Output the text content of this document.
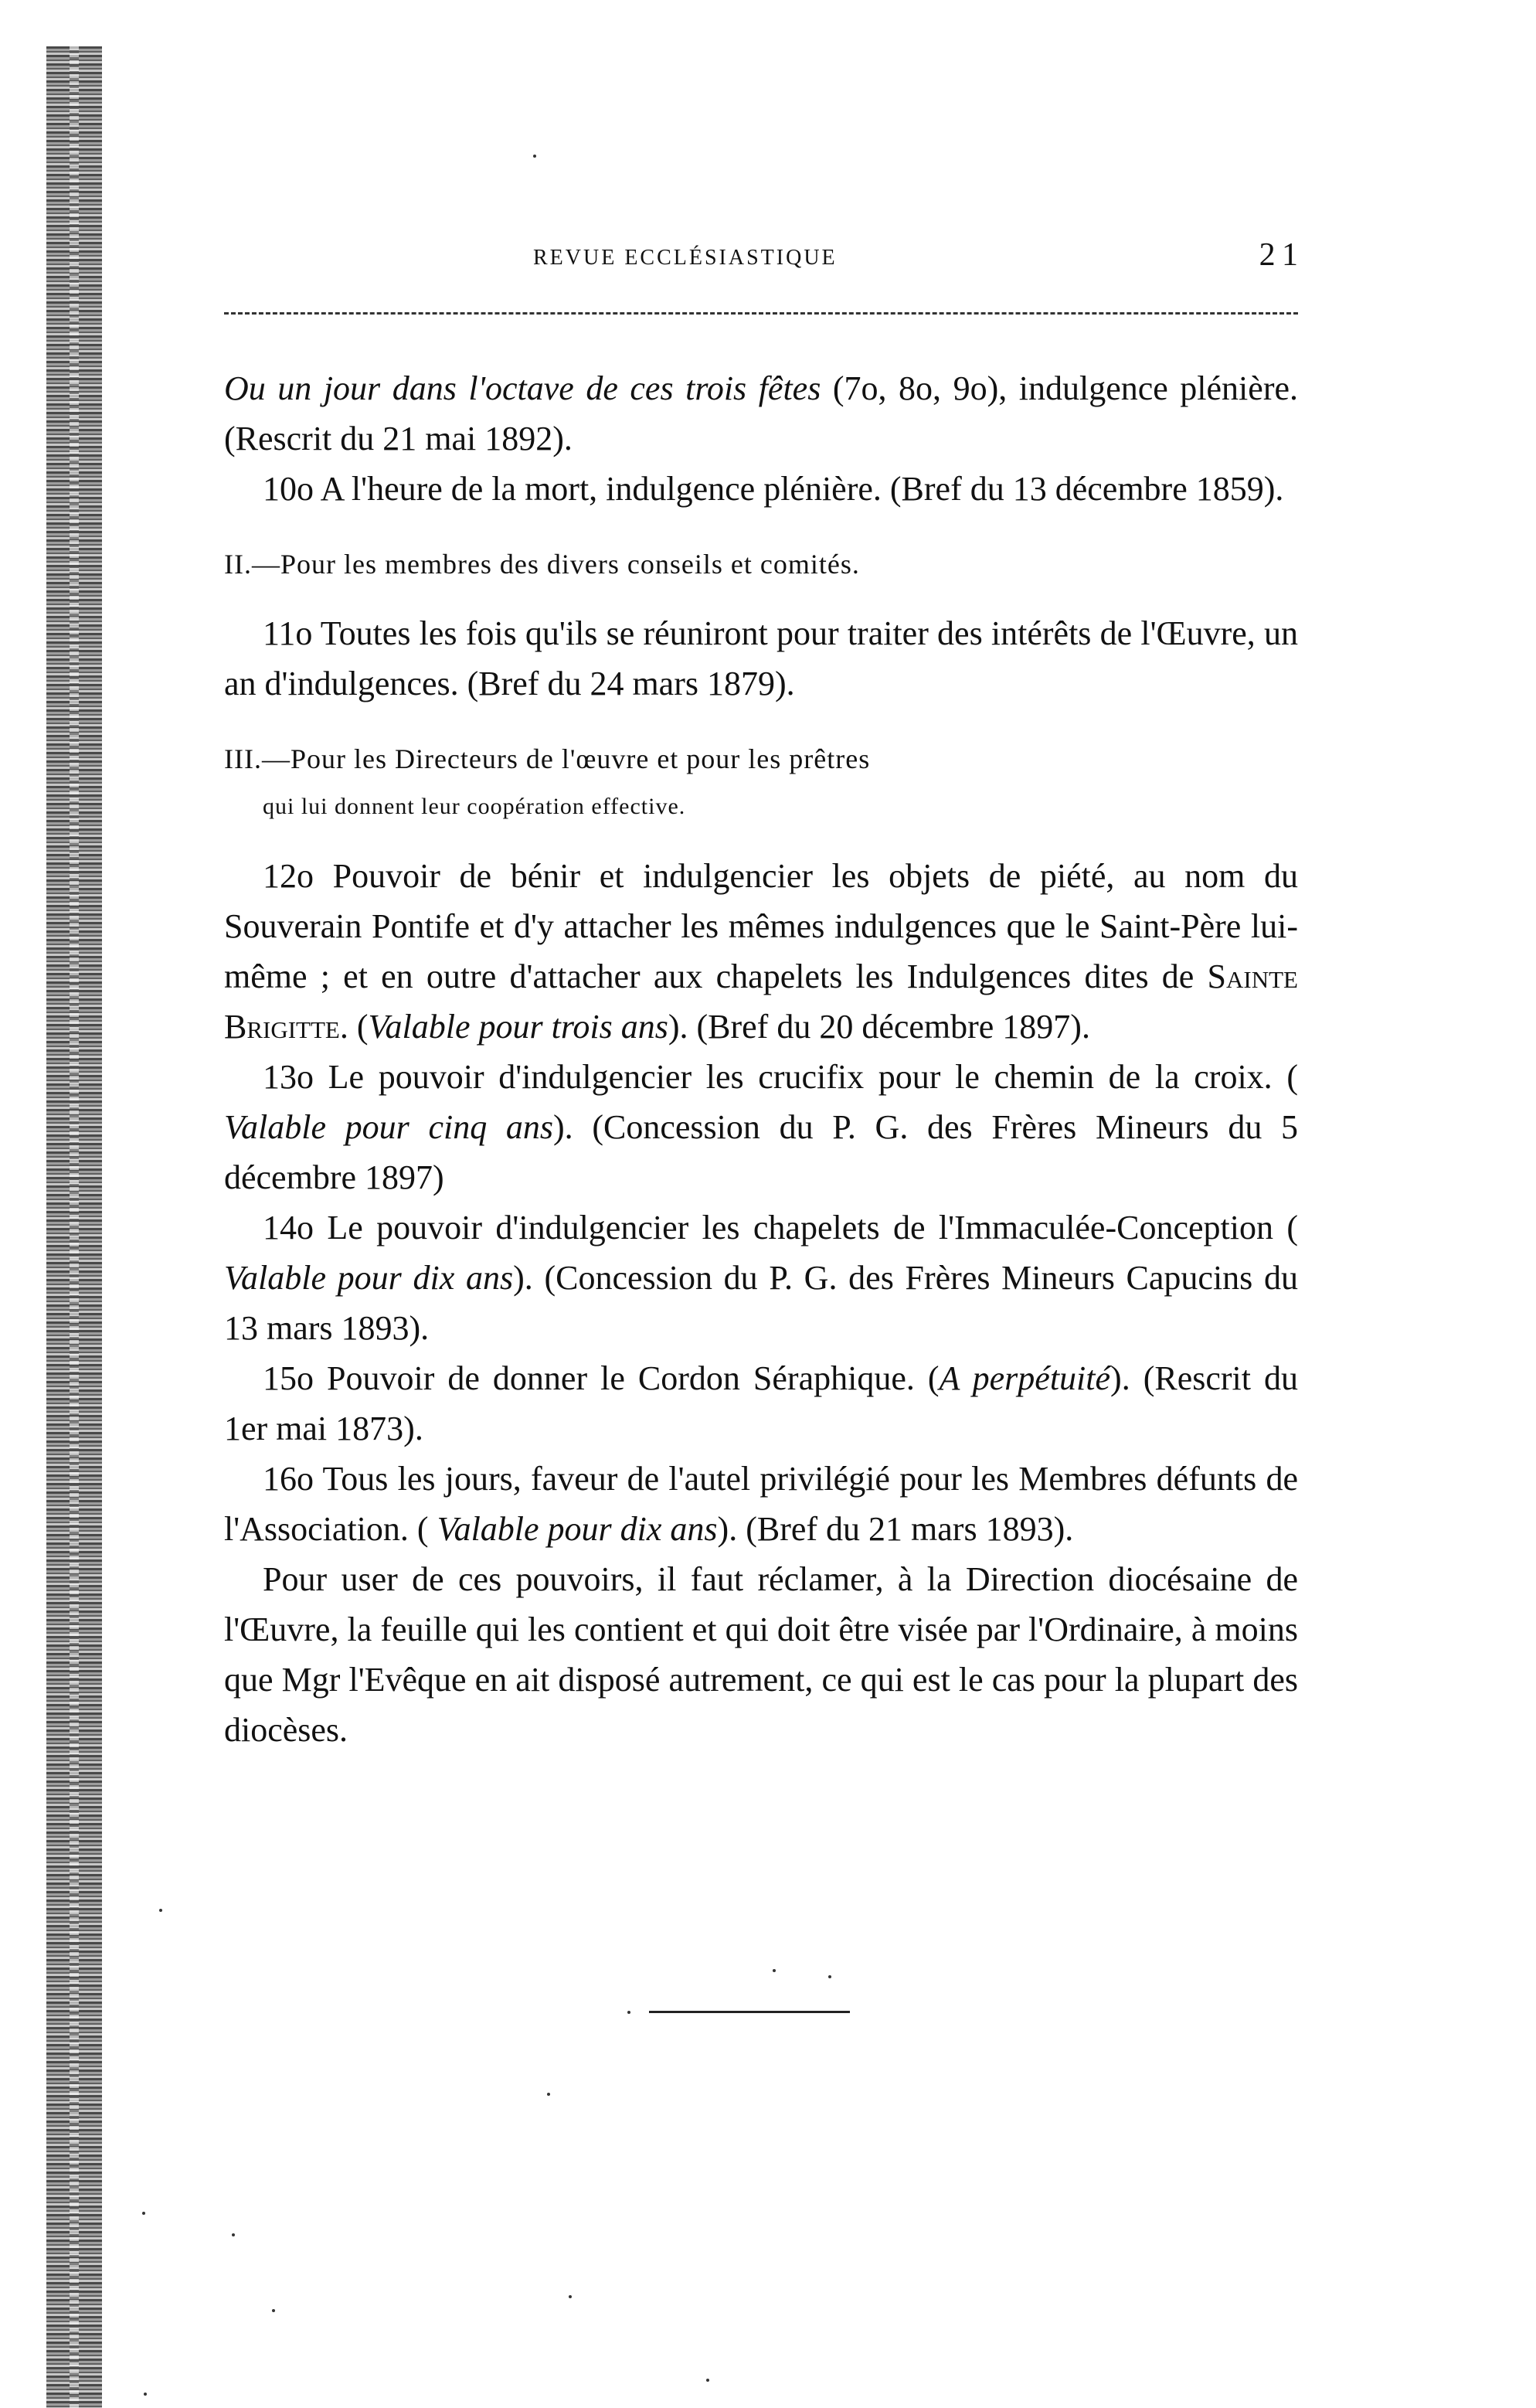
REVUE ECCLÉSIASTIQUE	2 1

Ou un jour dans l'octave de ces trois fêtes (7o, 8o, 9o), indulgence plénière. (Rescrit du 21 mai 1892).

10o A l'heure de la mort, indulgence plénière. (Bref du 13 décembre 1859).

II.—Pour les membres des divers conseils et comités.

11o Toutes les fois qu'ils se réuniront pour traiter des intérêts de l'Œuvre, un an d'indulgences. (Bref du 24 mars 1879).

III.—Pour les Directeurs de l'œuvre et pour les prêtres
qui lui donnent leur coopération effective.

12o Pouvoir de bénir et indulgencier les objets de piété, au nom du Souverain Pontife et d'y attacher les mêmes indulgences que le Saint-Père lui-même ; et en outre d'attacher aux chapelets les Indulgences dites de Sainte Brigitte. (Valable pour trois ans). (Bref du 20 décembre 1897).

13o Le pouvoir d'indulgencier les crucifix pour le chemin de la croix. ( Valable pour cinq ans). (Concession du P. G. des Frères Mineurs du 5 décembre 1897)

14o Le pouvoir d'indulgencier les chapelets de l'Immaculée-Conception ( Valable pour dix ans). (Concession du P. G. des Frères Mineurs Capucins du 13 mars 1893).

15o Pouvoir de donner le Cordon Séraphique. (A perpétuité). (Rescrit du 1er mai 1873).

16o Tous les jours, faveur de l'autel privilégié pour les Membres défunts de l'Association. ( Valable pour dix ans). (Bref du 21 mars 1893).

Pour user de ces pouvoirs, il faut réclamer, à la Direction diocésaine de l'Œuvre, la feuille qui les contient et qui doit être visée par l'Ordinaire, à moins que Mgr l'Evêque en ait disposé autrement, ce qui est le cas pour la plupart des diocèses.
